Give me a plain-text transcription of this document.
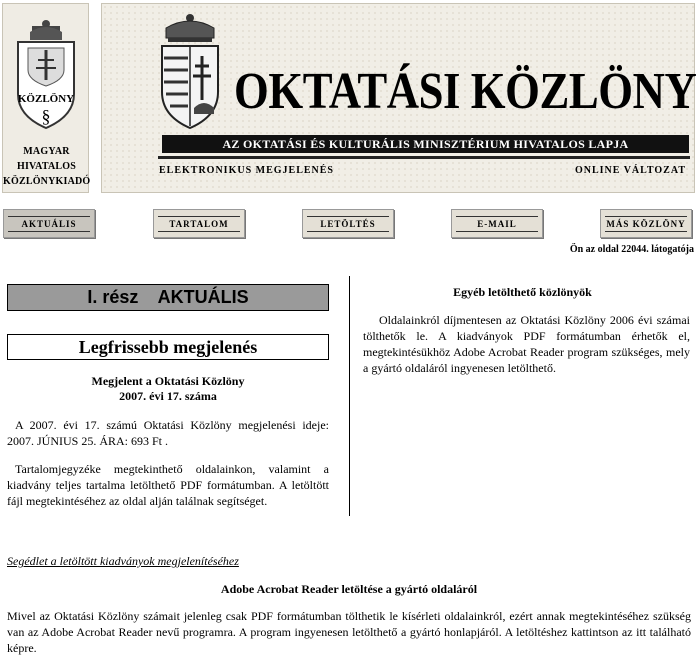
KÖZLÖNY
§
MAGYAR
HIVATALOS
KÖZLÖNYKIADÓ
OKTATÁSI KÖZLÖNY
AZ OKTATÁSI ÉS KULTURÁLIS MINISZTÉRIUM HIVATALOS LAPJA
ELEKTRONIKUS MEGJELENÉS	ONLINE VÁLTOZAT
AKTUÁLIS	TARTALOM	LETÖLTÉS	E-MAIL	MÁS KÖZLÖNY
Ön az oldal 22044. látogatója
I. rész    AKTUÁLIS
Legfrissebb megjelenés
Megjelent a Oktatási Közlöny
2007. évi 17. száma
A 2007. évi 17. számú Oktatási Közlöny megjelenési ideje: 2007. JÚNIUS 25. ÁRA: 693 Ft .
Tartalomjegyzéke megtekinthető oldalainkon, valamint a kiadvány teljes tartalma letölthető PDF formátumban. A letöltött fájl megtekintéséhez az oldal alján találnak segítséget.
Egyéb letölthető közlönyök
Oldalainkról díjmentesen az Oktatási Közlöny 2006 évi számai tölthetők le. A kiadványok PDF formátumban érhetők el, megtekintésükhöz Adobe Acrobat Reader program szükséges, mely a gyártó oldaláról ingyenesen letölthető.
Segédlet a letöltött kiadványok megjelenítéséhez
Adobe Acrobat Reader letöltése a gyártó oldaláról
Mivel az Oktatási Közlöny számait jelenleg csak PDF formátumban tölthetik le kísérleti oldalainkról, ezért annak megtekintéséhez szükség van az Adobe Acrobat Reader nevű programra. A program ingyenesen letölthető a gyártó honlapjáról. A letöltéshez kattintson az itt található képre.
